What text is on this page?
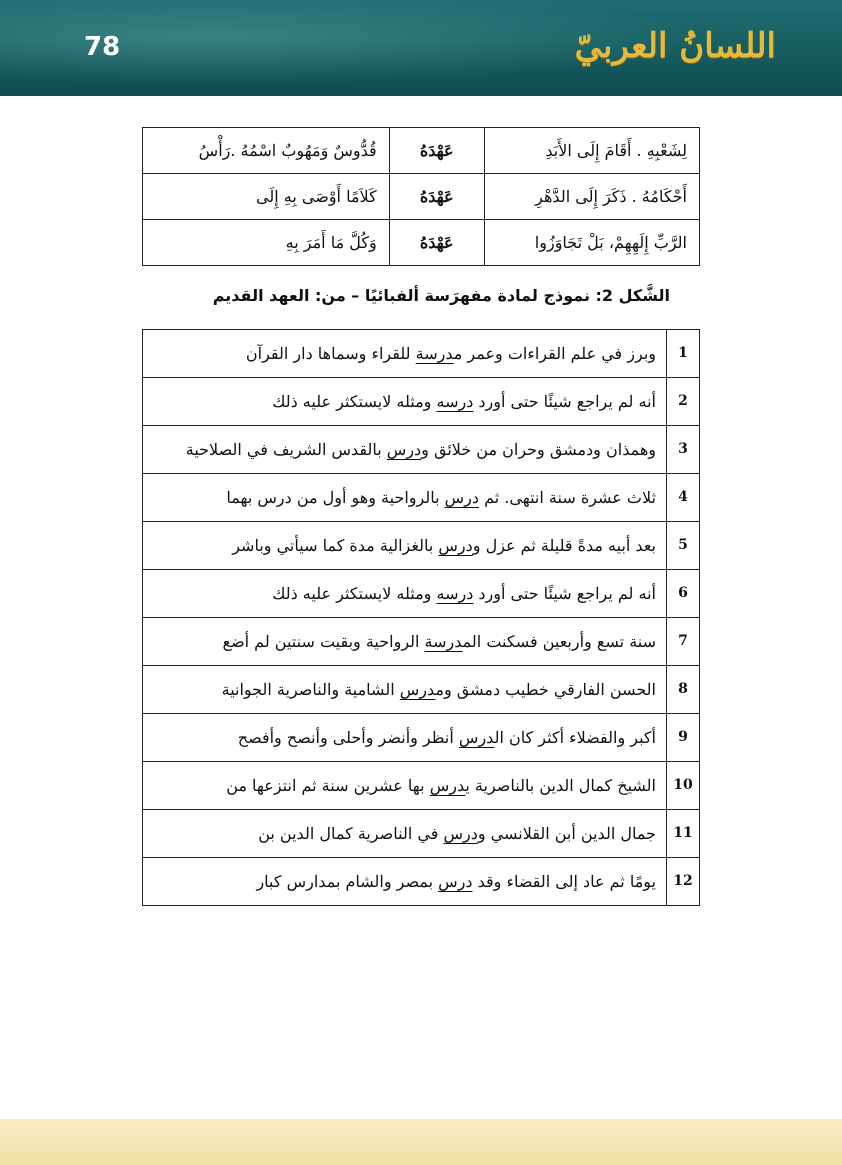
78	اللسانُ العربيّ

لِشَعْبِهِ . أَقَامَ إِلَى الأَبَدِ	عَهْدَهُ	قُدُّوسٌ وَمَهُوبٌ اسْمُهُ .رَأْسُ
أَحْكَامُهُ . ذَكَرَ إِلَى الدَّهْرِ	عَهْدَهُ	كَلاَمًا أَوْصَى بِهِ إِلَى
الرَّبِّ إِلَهِهِمْ، بَلْ تَجَاوَزُوا	عَهْدَهُ	وَكُلَّ مَا أَمَرَ بِهِ

الشَّكل 2: نموذج لمادة مفهرَسة ألفبائيًا – من: العهد القديم

1	وبرز في علم القراءات وعمر مدرسة للقراء وسماها دار القرآن
2	أنه لم يراجع شيئًا حتى أورد درسه ومثله لايستكثر عليه ذلك
3	وهمذان ودمشق وحران من خلائق ودرس بالقدس الشريف في الصلاحية
4	ثلاث عشرة سنة انتهى. ثم درس بالرواحية وهو أول من درس بهما
5	بعد أبيه مدةً قليلة ثم عزل ودرس بالغزالية مدة كما سيأتي وباشر
6	أنه لم يراجع شيئًا حتى أورد درسه ومثله لايستكثر عليه ذلك
7	سنة تسع وأربعين فسكنت المدرسة الرواحية وبقيت سنتين لم أضع
8	الحسن الفارقي خطيب دمشق ومدرس الشامية والناصرية الجوانية
9	أكبر والفضلاء أكثر كان الدرس أنظر وأنضر وأحلى وأنصح وأفصح
10	الشيخ كمال الدين بالناصرية يدرس بها عشرين سنة ثم انتزعها من
11	جمال الدين أبن القلانسي ودرس في الناصرية كمال الدين بن
12	يومًا ثم عاد إلى القضاء وقد درس بمصر والشام بمدارس كبار
